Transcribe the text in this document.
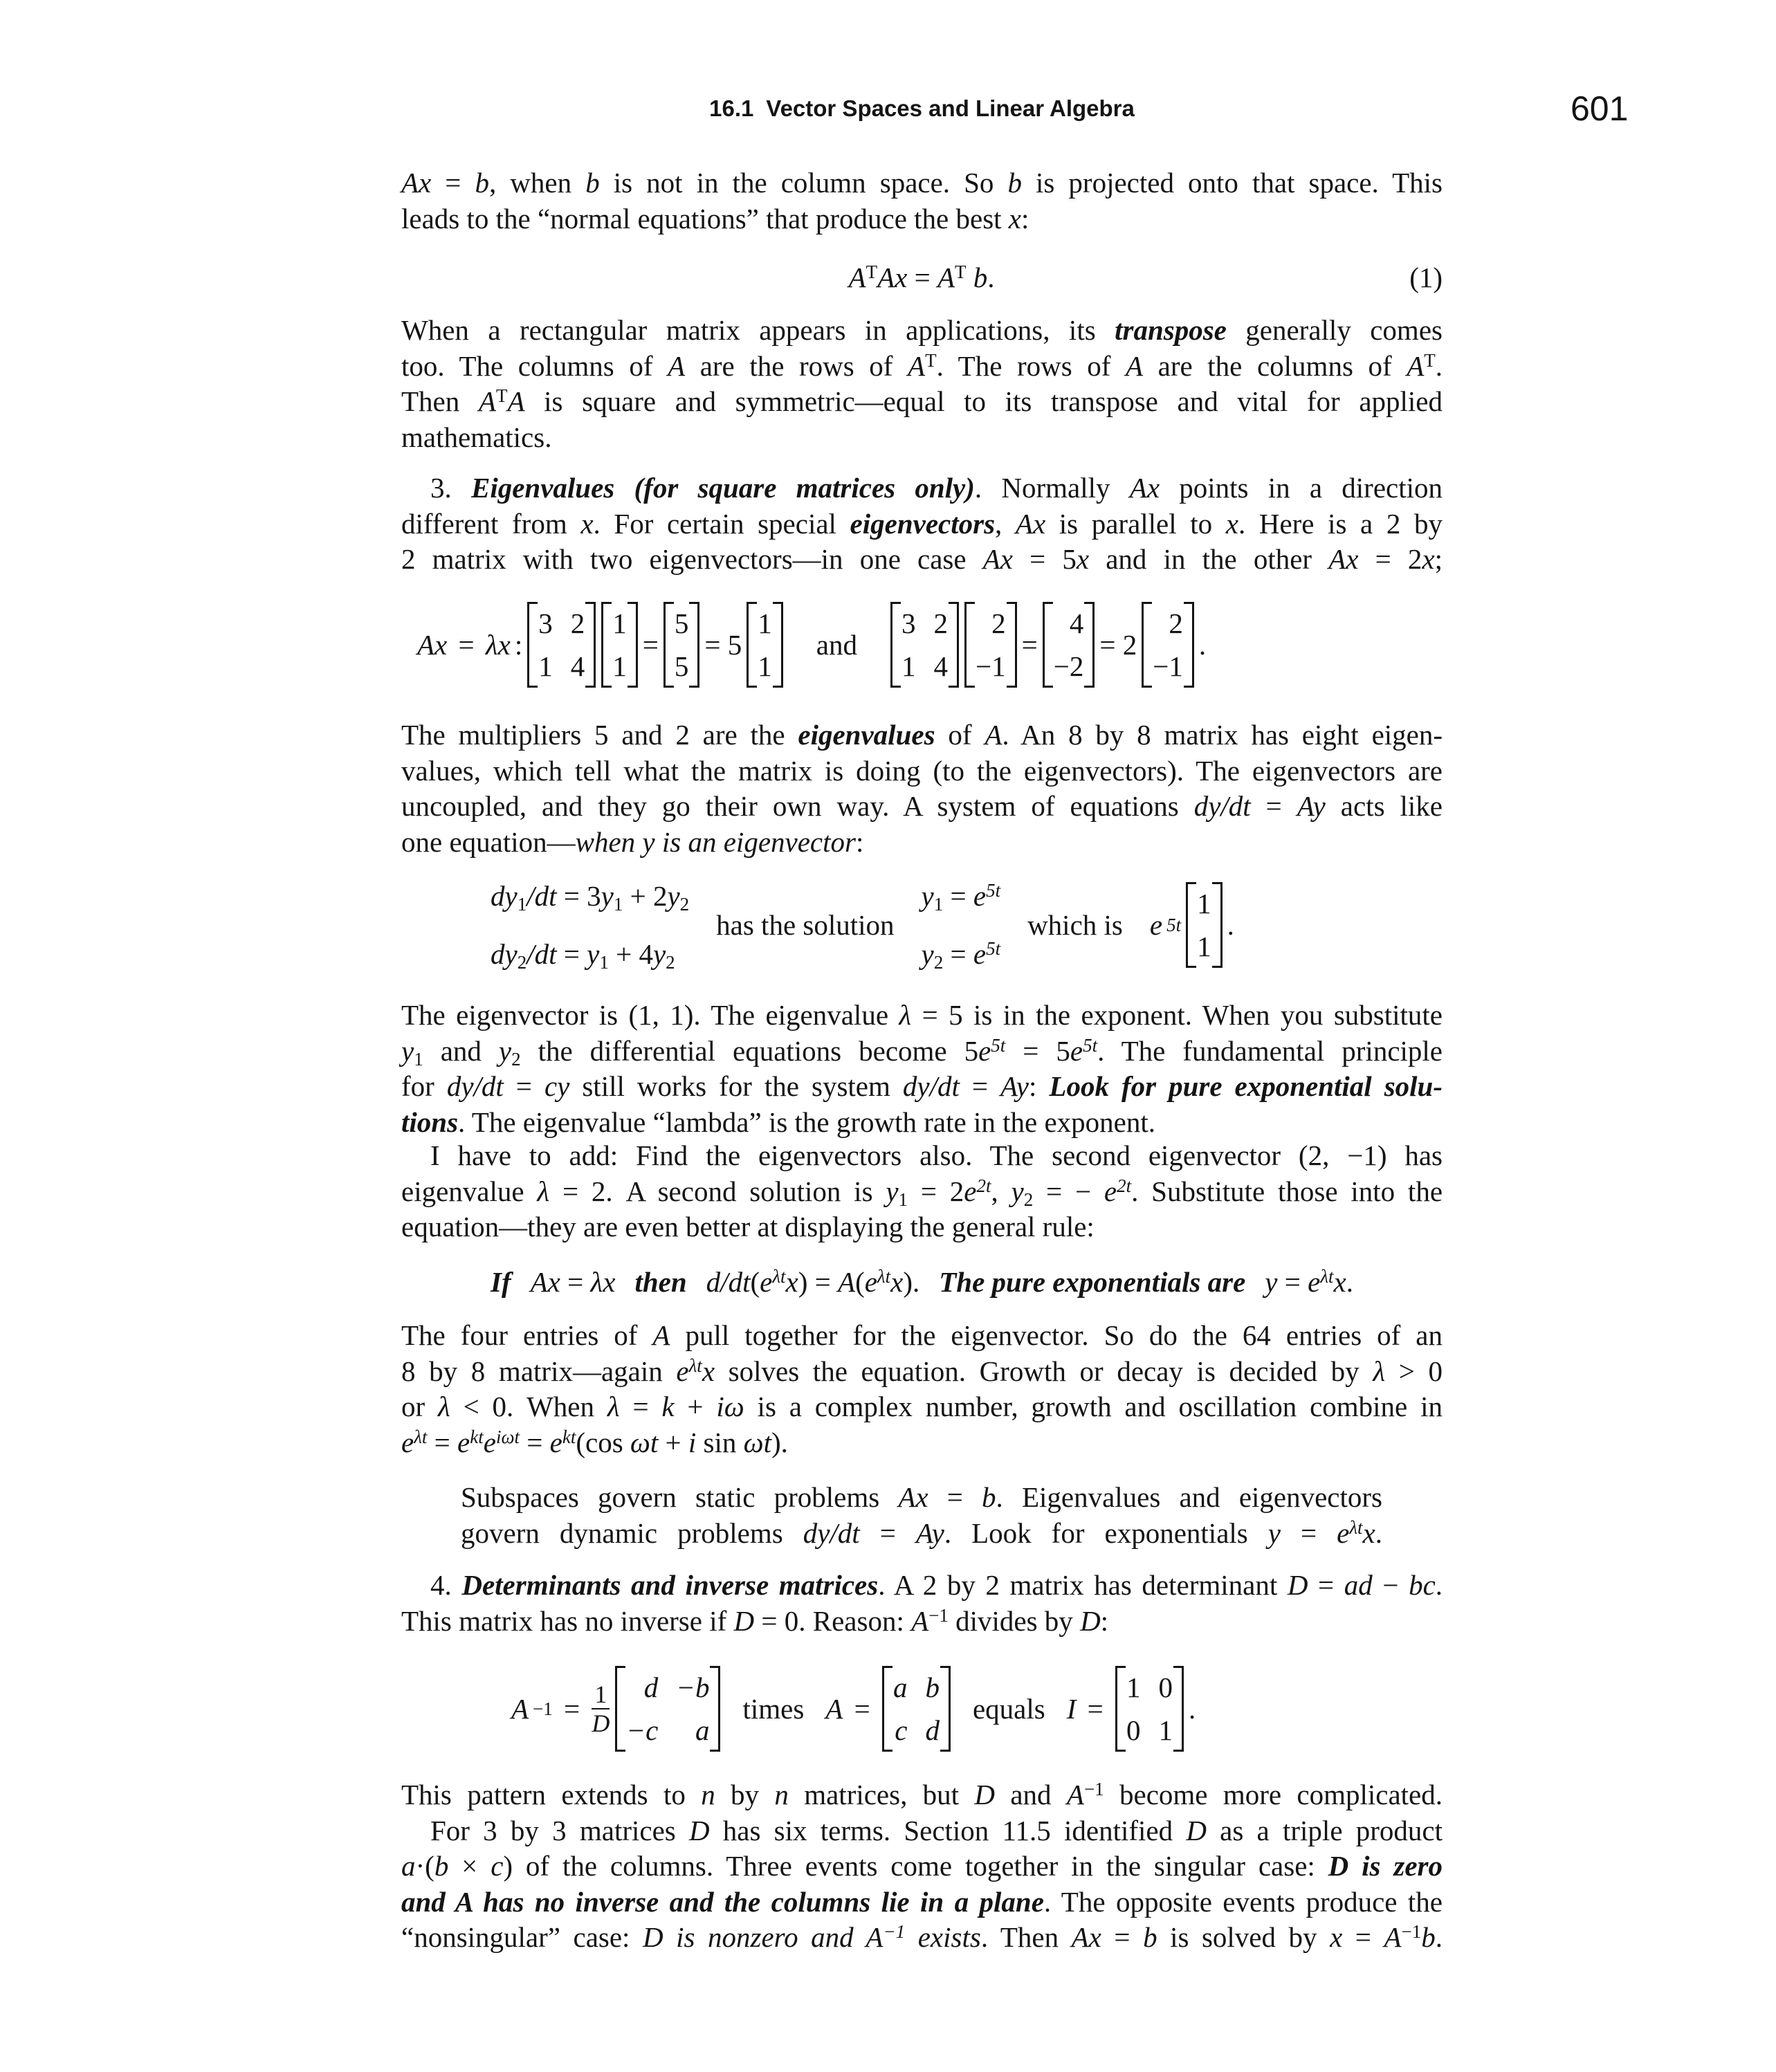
16.1 Vector Spaces and Linear Algebra	601
Ax = b, when b is not in the column space. So b is projected onto that space. This
leads to the “normal equations” that produce the best x:

$A^TAx = A^T$ b.

	(1)

When a rectangular matrix appears in applications, its transpose generally comes
too. The columns of A are the rows of $A^T$. The rows of A are the columns of $A^T$.
Then $A^TA$ is square and symmetric—equal to its transpose and vital for applied
mathematics.
3. Eigenvalues (for square matrices only). Normally Ax points in a direction
different from x. For certain special eigenvectors, Ax is parallel to x. Here is a 2 by
2 matrix with two eigenvectors—in one case Ax = 5x and in the other Ax = 2x;
Ax = λx :
3 2
1 4
1
1
=
5
5
= 5
1
1
and
3 2
1 4
2
−1
=
4
−2
= 2
2
−1
.
The multipliers 5 and 2 are the eigenvalues of A. An 8 by 8 matrix has eight eigen-
values, which tell what the matrix is doing (to the eigenvectors). The eigenvectors are
uncoupled, and they go their own way. A system of equations dy/dt = Ay acts like
one equation—when y is an eigenvector:
dy1/dt = 3y1 + 2y2
dy2/dt = y1 + 4y2
has the solution
$y1 = e^{5t}$
$y2 = e^{5t}$
which is e 5t
1
1
.
The eigenvector is (1, 1). The eigenvalue λ = 5 is in the exponent. When you substitute
y1 and y2 the differential equations become $5e^{5t} = 5e^{5t}$. The fundamental principle
for dy/dt = cy still works for the system dy/dt = Ay: Look for pure exponential solu-
tions. The eigenvalue “lambda” is the growth rate in the exponent.
I have to add: Find the eigenvectors also. The second eigenvector (2, −1) has
eigenvalue λ = 2. A second solution is $y1 = 2e^{2t}$, y2 = − $e^{2t}$. Substitute those into the
equation—they are even better at displaying the general rule:
If Ax = λx then $d/dt(e^{\lambda t}x) = A(e^{\lambda t}x)$. The pure exponentials are $y = e^{\lambda t}x$.
The four entries of A pull together for the eigenvector. So do the 64 entries of an
8 by 8 matrix—again $e^{\lambda t}x$ solves the equation. Growth or decay is decided by λ > 0
or λ < 0. When λ = k + iω is a complex number, growth and oscillation combine in
$e^{\lambda t} = e^{kt}e^{i\omega t} = e^{kt}(\cos$ ωt + i sin ωt).
Subspaces govern static problems Ax = b. Eigenvalues and eigenvectors
govern dynamic problems dy/dt = Ay. Look for exponentials $y = e^{\lambda t}x$.
4. Determinants and inverse matrices. A 2 by 2 matrix has determinant D = ad − bc.
This matrix has no inverse if D = 0. Reason: $A^{-1}$ divides by D:
$A -1 = \frac{1}{D}$	d −b
−c	a
times A =
a b
c d
equals I =
1 0
0 1
.
This pattern extends to n by n matrices, but D and $A^{-1}$ become more complicated.
For 3 by 3 matrices D has six terms. Section 11.5 identified D as a triple product
a·(b × c) of the columns. Three events come together in the singular case: D is zero
and A has no inverse and the columns lie in a plane. The opposite events produce the
“nonsingular” case: D is nonzero and $A^{-1}$ exists. Then Ax = b is solved by $x = A^{-1}b$.
